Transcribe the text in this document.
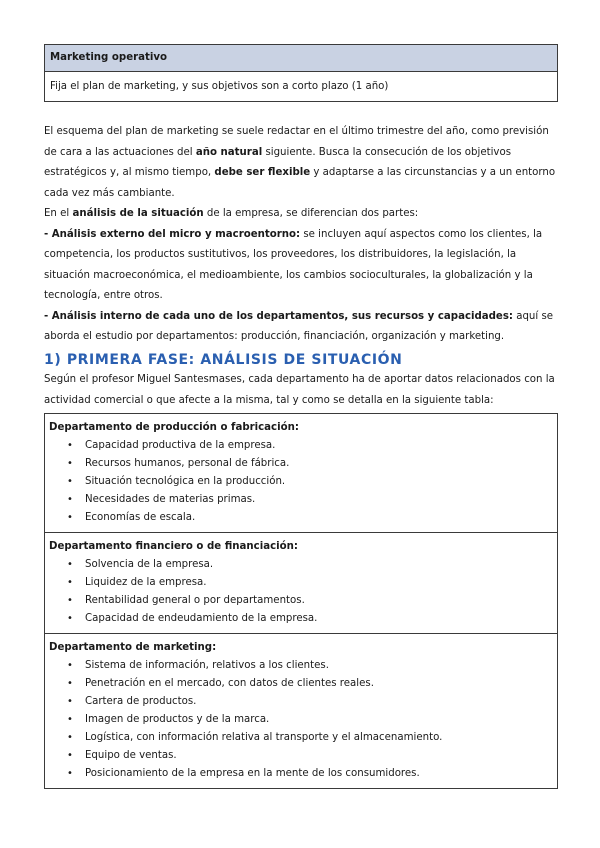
Marketing operativo
Fija el plan de marketing, y sus objetivos son a corto plazo (1 año)

El esquema del plan de marketing se suele redactar en el último trimestre del año, como previsión de cara a las actuaciones del año natural siguiente. Busca la consecución de los objetivos estratégicos y, al mismo tiempo, debe ser flexible y adaptarse a las circunstancias y a un entorno cada vez más cambiante.

En el análisis de la situación de la empresa, se diferencian dos partes:

- Análisis externo del micro y macroentorno: se incluyen aquí aspectos como los clientes, la competencia, los productos sustitutivos, los proveedores, los distribuidores, la legislación, la situación macroeconómica, el medioambiente, los cambios socioculturales, la globalización y la tecnología, entre otros.

- Análisis interno de cada uno de los departamentos, sus recursos y capacidades: aquí se aborda el estudio por departamentos: producción, financiación, organización y marketing.

1) PRIMERA FASE: ANÁLISIS DE SITUACIÓN

Según el profesor Miguel Santesmases, cada departamento ha de aportar datos relacionados con la actividad comercial o que afecte a la misma, tal y como se detalla en la siguiente tabla:

Departamento de producción o fabricación:
• Capacidad productiva de la empresa.
• Recursos humanos, personal de fábrica.
• Situación tecnológica en la producción.
• Necesidades de materias primas.
• Economías de escala.
Departamento financiero o de financiación:
• Solvencia de la empresa.
• Liquidez de la empresa.
• Rentabilidad general o por departamentos.
• Capacidad de endeudamiento de la empresa.
Departamento de marketing:
• Sistema de información, relativos a los clientes.
• Penetración en el mercado, con datos de clientes reales.
• Cartera de productos.
• Imagen de productos y de la marca.
• Logística, con información relativa al transporte y el almacenamiento.
• Equipo de ventas.
• Posicionamiento de la empresa en la mente de los consumidores.
